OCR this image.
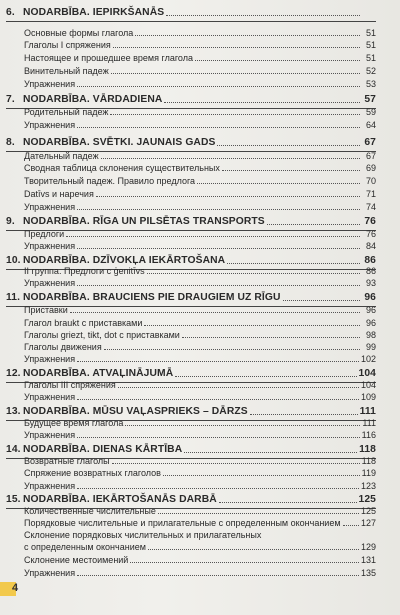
6. NODARBĪBA. IEPIRKŠANĀS
Основные формы глагола	51
Глаголы I спряжения	51
Настоящее и прошедшее время глагола	51
Винительный падеж	52
Упражнения	53
7. NODARBĪBA. VĀRDADIENA	57
Родительный падеж	59
Упражнения	64
8. NODARBĪBA. SVĒTKI. JAUNAIS GADS	67
Дательный падеж	67
Сводная таблица склонения существительных	69
Творительный падеж. Правило предлога	70
Datīvs и наречия	71
Упражнения	74
9. NODARBĪBA. RĪGA UN PILSĒTAS TRANSPORTS	76
Предлоги	76
Упражнения	84
10. NODARBĪBA. DZĪVOKĻA IEKĀRTOŠANA	86
II группа. Предлоги с ģenitīvs	86
Упражнения	93
11. NODARBĪBA. BRAUCIENS PIE DRAUGIEM UZ RĪGU	96
Приставки	96
Глагол braukt с приставками	96
Глаголы griezt, tikt, dot с приставками	98
Глаголы движения	99
Упражнения	102
12. NODARBĪBA. ATVAĻINĀJUMĀ	104
Глаголы III спряжения	104
Упражнения	109
13. NODARBĪBA. MŪSU VAĻASPRIEKS – DĀRZS	111
Будущее время глагола	111
Упражнения	116
14. NODARBĪBA. DIENAS KĀRTĪBA	118
Возвратные глаголы	118
Спряжение возвратных глаголов	119
Упражнения	123
15. NODARBĪBA. IEKĀRTOŠANĀS DARBĀ	125
Количественные числительные	125
Порядковые числительные и прилагательные с определенным окончанием 127
Склонение порядковых числительных и прилагательных
с определенным окончанием	129
Склонение местоимений	131
Упражнения	135
4
